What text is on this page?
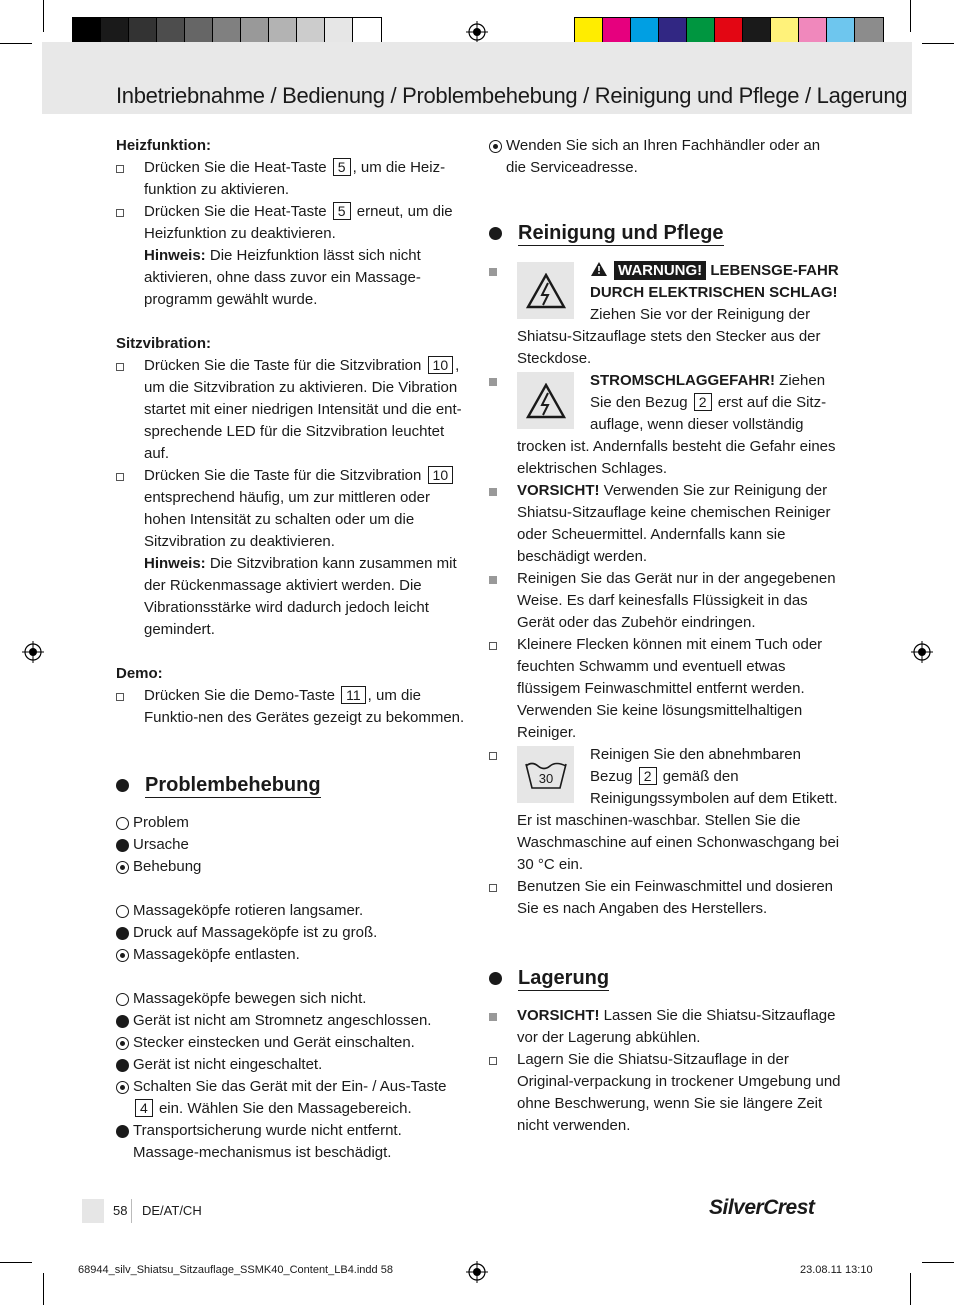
Inbetriebnahme / Bedienung / Problembehebung / Reinigung und Pflege / Lagerung
Heizfunktion:
Drücken Sie die Heat-Taste 5 , um die Heiz-funktion zu aktivieren.
Drücken Sie die Heat-Taste 5 erneut, um die Heizfunktion zu deaktivieren.
Hinweis: Die Heizfunktion lässt sich nicht aktivieren, ohne dass zuvor ein Massage-programm gewählt wurde.
Sitzvibration:
Drücken Sie die Taste für die Sitzvibration 10 , um die Sitzvibration zu aktivieren. Die Vibration startet mit einer niedrigen Intensität und die ent-sprechende LED für die Sitzvibration leuchtet auf.
Drücken Sie die Taste für die Sitzvibration 10 entsprechend häufig, um zur mittleren oder hohen Intensität zu schalten oder um die Sitzvibration zu deaktivieren.
Hinweis: Die Sitzvibration kann zusammen mit der Rückenmassage aktiviert werden. Die Vibrationsstärke wird dadurch jedoch leicht gemindert.
Demo:
Drücken Sie die Demo-Taste 11 , um die Funktio-nen des Gerätes gezeigt zu bekommen.
Problembehebung
Problem
Ursache
Behebung
Massageköpfe rotieren langsamer.
Druck auf Massageköpfe ist zu groß.
Massageköpfe entlasten.
Massageköpfe bewegen sich nicht.
Gerät ist nicht am Stromnetz angeschlossen.
Stecker einstecken und Gerät einschalten.
Gerät ist nicht eingeschaltet.
Schalten Sie das Gerät mit der Ein- / Aus-Taste 4 ein. Wählen Sie den Massagebereich.
Transportsicherung wurde nicht entfernt. Massage-mechanismus ist beschädigt.
Wenden Sie sich an Ihren Fachhändler oder an die Serviceadresse.
Reinigung und Pflege
WARNUNG! LEBENSGE-FAHR DURCH ELEKTRISCHEN SCHLAG! Ziehen Sie vor der Reinigung der Shiatsu-Sitzauflage stets den Stecker aus der Steckdose.
STROMSCHLAGGEFAHR! Ziehen Sie den Bezug 2 erst auf die Sitz-auflage, wenn dieser vollständig trocken ist. Andernfalls besteht die Gefahr eines elektrischen Schlages.
VORSICHT! Verwenden Sie zur Reinigung der Shiatsu-Sitzauflage keine chemischen Reiniger oder Scheuermittel. Andernfalls kann sie beschädigt werden.
Reinigen Sie das Gerät nur in der angegebenen Weise. Es darf keinesfalls Flüssigkeit in das Gerät oder das Zubehör eindringen.
Kleinere Flecken können mit einem Tuch oder feuchten Schwamm und eventuell etwas flüssigem Feinwaschmittel entfernt werden. Verwenden Sie keine lösungsmittelhaltigen Reiniger.
30
Reinigen Sie den abnehmbaren Bezug 2 gemäß den Reinigungssymbolen auf dem Etikett. Er ist maschinen-waschbar. Stellen Sie die Waschmaschine auf einen Schonwaschgang bei 30 °C ein.
Benutzen Sie ein Feinwaschmittel und dosieren Sie es nach Angaben des Herstellers.
Lagerung
VORSICHT! Lassen Sie die Shiatsu-Sitzauflage vor der Lagerung abkühlen.
Lagern Sie die Shiatsu-Sitzauflage in der Original-verpackung in trockener Umgebung und ohne Beschwerung, wenn Sie sie längere Zeit nicht verwenden.
58 DE/AT/CH	SilverCrest
68944_silv_Shiatsu_Sitzauflage_SSMK40_Content_LB4.indd 58	23.08.11 13:10
